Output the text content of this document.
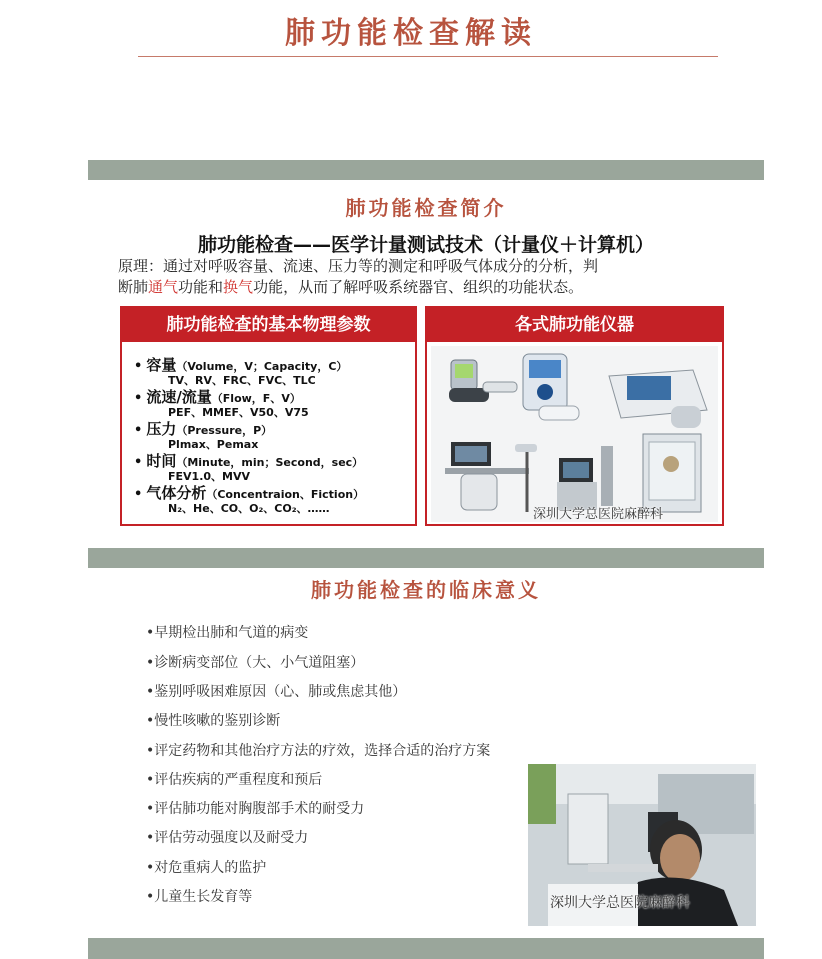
肺功能检查解读
肺功能检查简介
肺功能检查——医学计量测试技术（计量仪＋计算机）
原理：通过对呼吸容量、流速、压力等的测定和呼吸气体成分的分析，判
断肺通气功能和换气功能，从而了解呼吸系统器官、组织的功能状态。
肺功能检查的基本物理参数
• 容量（Volume，V；Capacity，C）
TV、RV、FRC、FVC、TLC
• 流速/流量（Flow，F、V）
PEF、MMEF、V50、V75
• 压力（Pressure，P）
Plmax、Pemax
• 时间（Minute，min；Second，sec）
FEV1.0、MVV
• 气体分析（Concentraion、Fiction）
N₂、He、CO、O₂、CO₂、……
各式肺功能仪器
深圳大学总医院麻醉科
肺功能检查的临床意义
•早期检出肺和气道的病变
•诊断病变部位（大、小气道阻塞）
•鉴别呼吸困难原因（心、肺或焦虑其他）
•慢性咳嗽的鉴别诊断
•评定药物和其他治疗方法的疗效，选择合适的治疗方案
•评估疾病的严重程度和预后
•评估肺功能对胸腹部手术的耐受力
•评估劳动强度以及耐受力
•对危重病人的监护
•儿童生长发育等	深圳大学总医院麻醉科
